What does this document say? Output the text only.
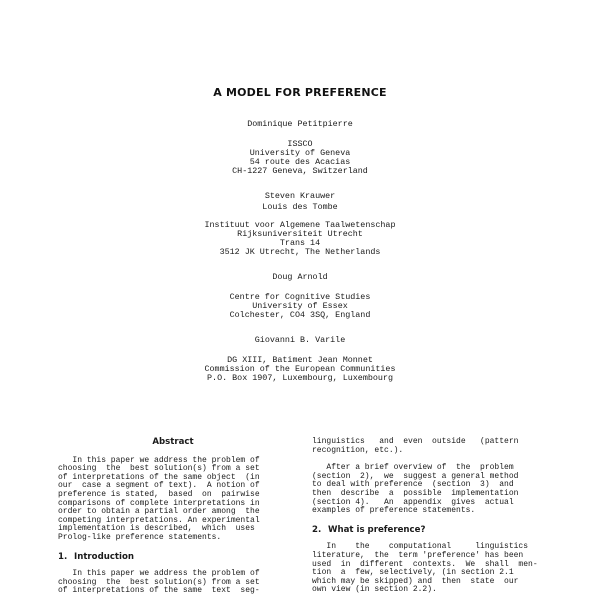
A MODEL FOR PREFERENCE
Dominique Petitpierre
ISSCO
University of Geneva
54 route des Acacias
CH-1227 Geneva, Switzerland
Steven Krauwer
Louis des Tombe
Instituut voor Algemene Taalwetenschap
Rijksuniversiteit Utrecht
Trans 14
3512 JK Utrecht, The Netherlands
Doug Arnold
Centre for Cognitive Studies
University of Essex
Colchester, CO4 3SQ, England
Giovanni B. Varile
DG XIII, Batiment Jean Monnet
Commission of the European Communities
P.O. Box 1907, Luxembourg, Luxembourg
Abstract
In this paper we address the problem of
choosing  the  best solution(s) from a set
of interpretations of the same object  (in
our  case a segment of text).  A notion of
preference is stated,  based  on  pairwise
comparisons of complete interpretations in
order to obtain a partial order among  the
competing interpretations. An experimental
implementation is described,  which  uses
Prolog-like preference statements.
1. Introduction
In this paper we address the problem of
choosing  the  best solution(s) from a set
of interpretations of the same  text  seg-
linguistics   and  even  outside   (pattern
recognition, etc.).
After a brief overview of  the  problem
(section  2),  we  suggest a general method
to deal with preference  (section  3)  and
then  describe  a  possible  implementation
(section 4).   An  appendix  gives  actual
examples of preference statements.
2. What is preference?
In    the    computational     linguistics
literature,  the  term 'preference' has been
used  in  different  contexts.  We  shall  men-
tion  a  few, selectively, (in section 2.1
which may be skipped) and  then  state  our
own view (in section 2.2).
